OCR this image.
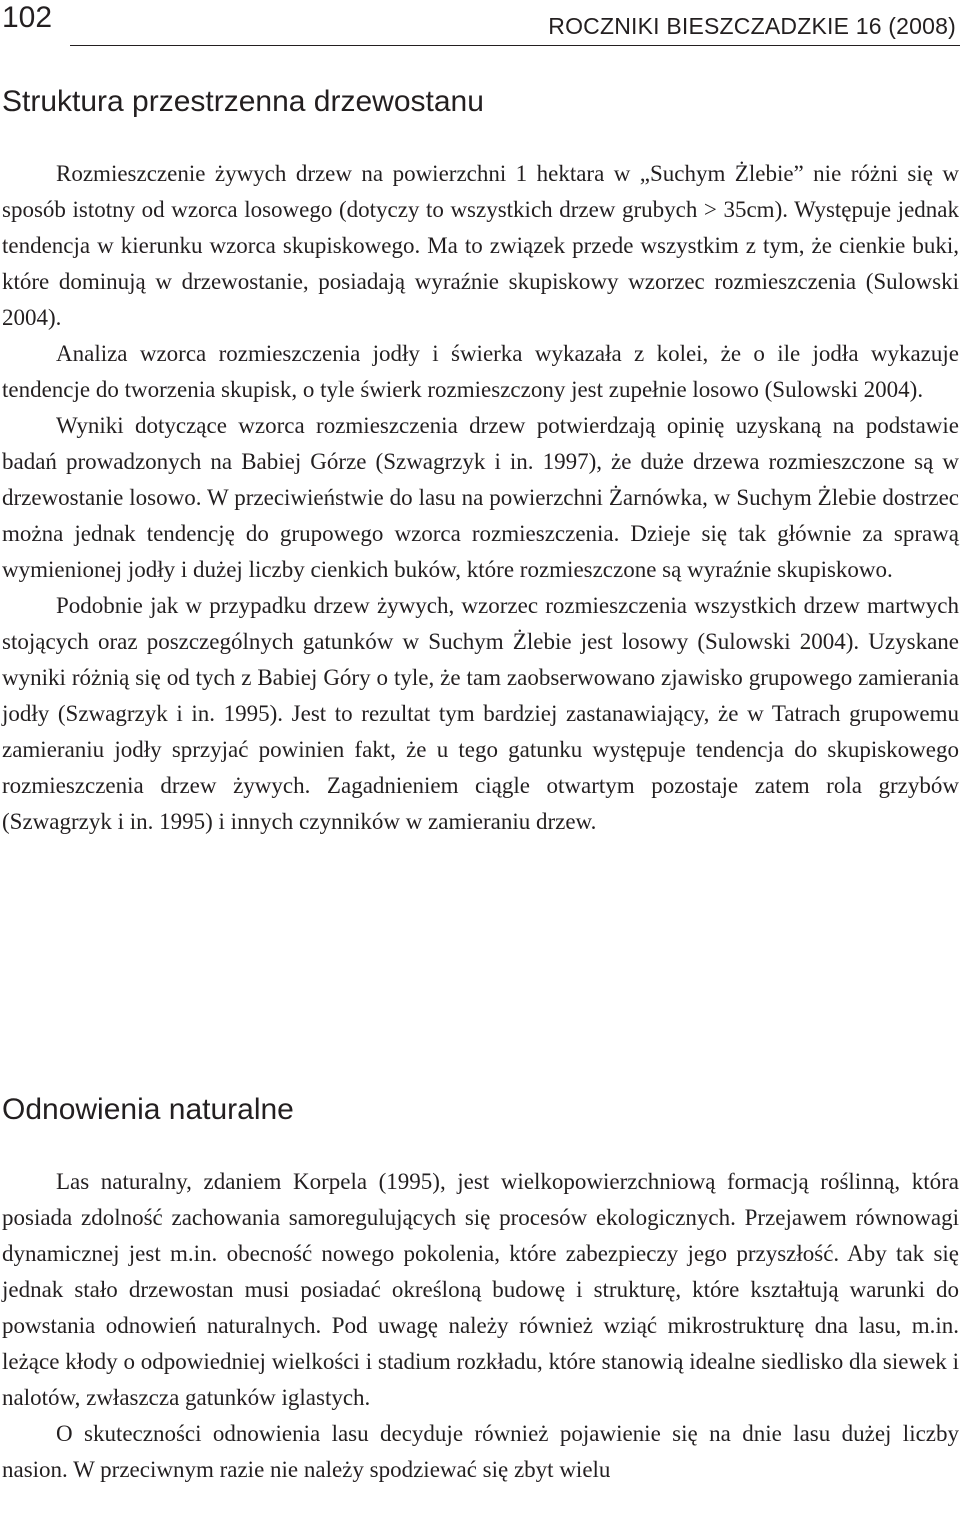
102	ROCZNIKI BIESZCZADZKIE 16 (2008)
Struktura przestrzenna drzewostanu

Rozmieszczenie żywych drzew na powierzchni 1 hektara w „Suchym Żlebie” nie różni się w sposób istotny od wzorca losowego (dotyczy to wszystkich drzew grubych > 35cm). Występuje jednak tendencja w kierunku wzorca skupiskowego. Ma to związek przede wszystkim z tym, że cienkie buki, które dominują w drzewostanie, posiadają wyraźnie skupiskowy wzorzec rozmieszczenia (Sulowski 2004).

Analiza wzorca rozmieszczenia jodły i świerka wykazała z kolei, że o ile jodła wykazuje tendencje do tworzenia skupisk, o tyle świerk rozmieszczony jest zupełnie losowo (Sulowski 2004).

Wyniki dotyczące wzorca rozmieszczenia drzew potwierdzają opinię uzyskaną na podstawie badań prowadzonych na Babiej Górze (Szwagrzyk i in. 1997), że duże drzewa rozmieszczone są w drzewostanie losowo. W przeciwieństwie do lasu na powierzchni Żarnówka, w Suchym Żlebie dostrzec można jednak tendencję do grupowego wzorca rozmieszczenia. Dzieje się tak głównie za sprawą wymienionej jodły i dużej liczby cienkich buków, które rozmieszczone są wyraźnie skupiskowo.

Podobnie jak w przypadku drzew żywych, wzorzec rozmieszczenia wszystkich drzew martwych stojących oraz poszczególnych gatunków w Suchym Żlebie jest losowy (Sulowski 2004). Uzyskane wyniki różnią się od tych z Babiej Góry o tyle, że tam zaobserwowano zjawisko grupowego zamierania jodły (Szwagrzyk i in. 1995). Jest to rezultat tym bardziej zastanawiający, że w Tatrach grupowemu zamieraniu jodły sprzyjać powinien fakt, że u tego gatunku występuje tendencja do skupiskowego rozmieszczenia drzew żywych. Zagadnieniem ciągle otwartym pozostaje zatem rola grzybów (Szwagrzyk i in. 1995) i innych czynników w zamieraniu drzew.

Odnowienia naturalne

Las naturalny, zdaniem Korpela (1995), jest wielkopowierzchniową formacją roślinną, która posiada zdolność zachowania samoregulujących się procesów ekologicznych. Przejawem równowagi dynamicznej jest m.in. obecność nowego pokolenia, które zabezpieczy jego przyszłość. Aby tak się jednak stało drzewostan musi posiadać określoną budowę i strukturę, które kształtują warunki do powstania odnowień naturalnych. Pod uwagę należy również wziąć mikrostrukturę dna lasu, m.in. leżące kłody o odpowiedniej wielkości i stadium rozkładu, które stanowią idealne siedlisko dla siewek i nalotów, zwłaszcza gatunków iglastych.

O skuteczności odnowienia lasu decyduje również pojawienie się na dnie lasu dużej liczby nasion. W przeciwnym razie nie należy spodziewać się zbyt wielu
